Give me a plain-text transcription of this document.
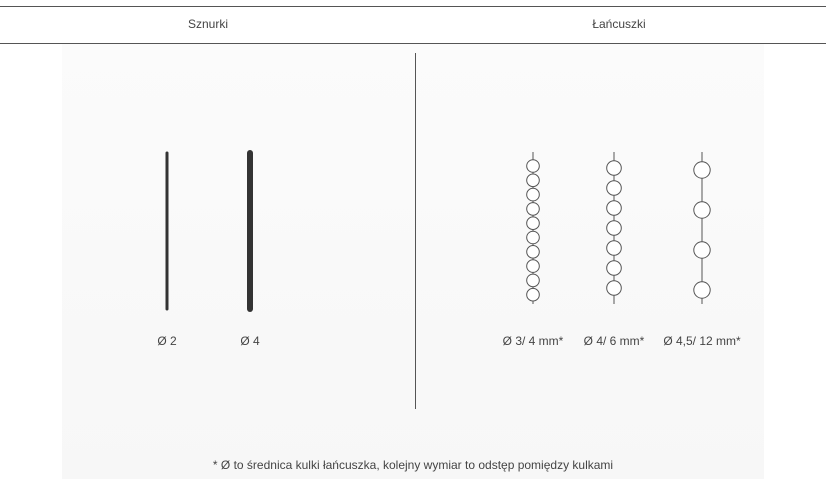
Sznurki	Łańcuszki
Ø 2	Ø 4	Ø 3/ 4 mm* Ø 4/ 6 mm* Ø 4,5/ 12 mm*
* Ø to średnica kulki łańcuszka, kolejny wymiar to odstęp pomiędzy kulkami
